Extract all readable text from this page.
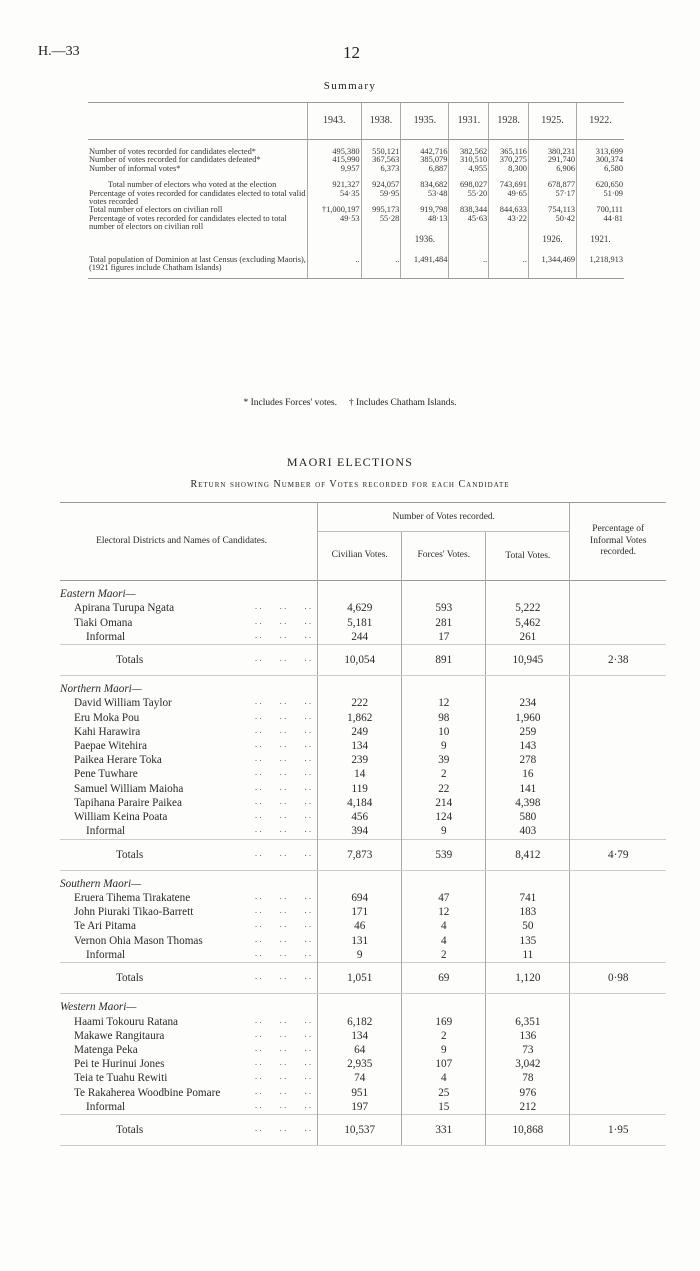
H.—33	12
Summary
	1943.	1938.	1935.	1931.	1928.	1925.	1922.

Number of votes recorded for candidates elected*	495,380	550,121	442,716	382,562	365,116	380,231	313,699
Number of votes recorded for candidates defeated*	415,990	367,563	385,079	310,510	370,275	291,740	300,374
Number of informal votes*	9,957	6,373	6,887	4,955	8,300	6,906	6,580

Total number of electors who voted at the election	921,327	924,057	834,682	698,027	743,691	678,877	620,650
Percentage of votes recorded for candidates elected to total valid votes recorded	54·35	59·95	53·48	55·20	49·65	57·17	51·09
Total number of electors on civilian roll	†1,000,197	995,173	919,798	838,344	844,633	754,113	700,111
Percentage of votes recorded for candidates elected to total number of electors on civilian roll	49·53	55·28	48·13	45·63	43·22	50·42	44·81
			1936.			1926.	1921.

Total population of Dominion at last Census (excluding Maoris), (1921 figures include Chatham Islands)	..	..	1,491,484	..	..	1,344,469	1,218,913
* Includes Forces' votes.     † Includes Chatham Islands.
MAORI ELECTIONS
Return showing Number of Votes recorded for each Candidate
Electoral Districts and Names of Candidates.	Number of Votes recorded.			Percentage of Informal Votes recorded.
	Civilian Votes.	Forces' Votes.	Total Votes.	
Eastern Maori—				

Apirana Turupa Ngata . .        . .        . .	4,629	593	5,222	

Tiaki Omana . .        . .        . .	5,181	281	5,462	

Informal . .        . .        . .	244	17	261	

Totals . .        . .        . .	10,054	891	10,945	2·38
Northern Maori—				

David William Taylor . .        . .        . .	222	12	234	

Eru Moka Pou . .        . .        . .	1,862	98	1,960	

Kahi Harawira . .        . .        . .	249	10	259	

Paepae Witehira . .        . .        . .	134	9	143	

Paikea Herare Toka . .        . .        . .	239	39	278	

Pene Tuwhare . .        . .        . .	14	2	16	

Samuel William Maioha . .        . .        . .	119	22	141	

Tapihana Paraire Paikea . .        . .        . .	4,184	214	4,398	

William Keina Poata . .        . .        . .	456	124	580	

Informal . .        . .        . .	394	9	403	

Totals . .        . .        . .	7,873	539	8,412	4·79
Southern Maori—				

Eruera Tihema Tirakatene . .        . .        . .	694	47	741	

John Piuraki Tikao-Barrett . .        . .        . .	171	12	183	

Te Ari Pitama . .        . .        . .	46	4	50	

Vernon Ohia Mason Thomas . .        . .        . .	131	4	135	

Informal . .        . .        . .	9	2	11	

Totals . .        . .        . .	1,051	69	1,120	0·98
Western Maori—				

Haami Tokouru Ratana . .        . .        . .	6,182	169	6,351	

Makawe Rangitaura . .        . .        . .	134	2	136	

Matenga Peka . .        . .        . .	64	9	73	

Pei te Hurinui Jones . .        . .        . .	2,935	107	3,042	

Teia te Tuahu Rewiti . .        . .        . .	74	4	78	

Te Rakaherea Woodbine Pomare . .        . .        . .	951	25	976	

Informal . .        . .        . .	197	15	212	

Totals . .        . .        . .	10,537	331	10,868	1·95
